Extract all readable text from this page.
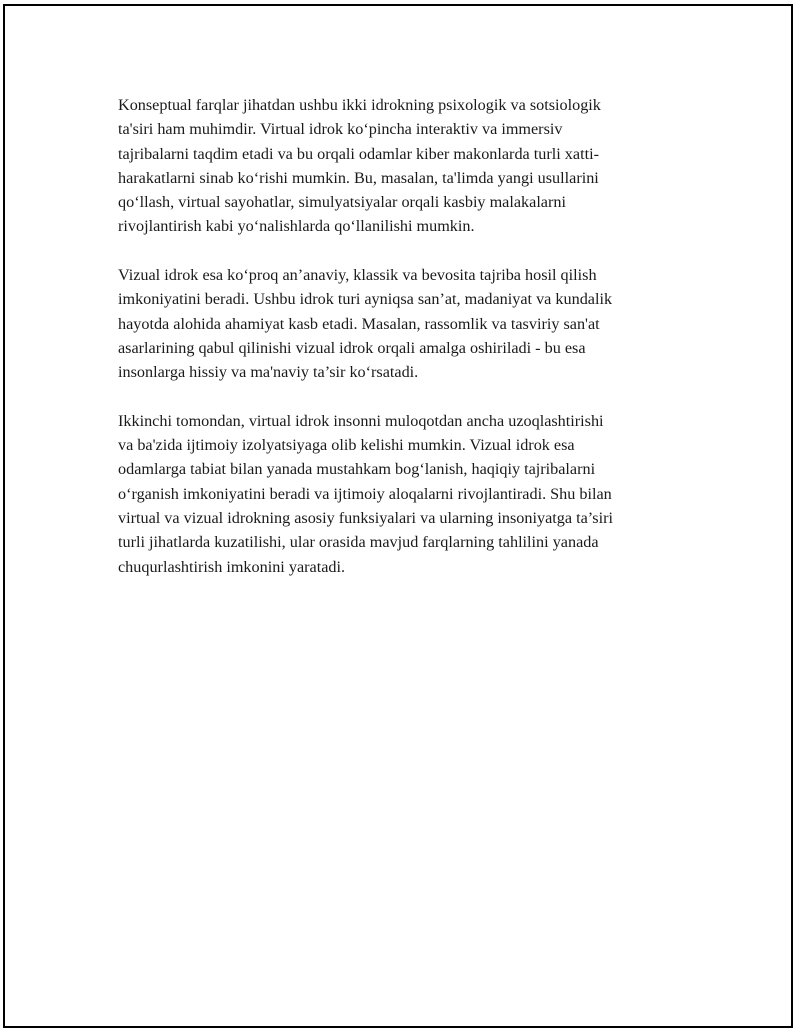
Konseptual farqlar jihatdan ushbu ikki idrokning psixologik va sotsiologik
ta'siri ham muhimdir. Virtual idrok ko‘pincha interaktiv va immersiv
tajribalarni taqdim etadi va bu orqali odamlar kiber makonlarda turli xatti-
harakatlarni sinab ko‘rishi mumkin. Bu, masalan, ta'limda yangi usullarini
qo‘llash, virtual sayohatlar, simulyatsiyalar orqali kasbiy malakalarni
rivojlantirish kabi yo‘nalishlarda qo‘llanilishi mumkin.

Vizual idrok esa ko‘proq an’anaviy, klassik va bevosita tajriba hosil qilish
imkoniyatini beradi. Ushbu idrok turi ayniqsa san’at, madaniyat va kundalik
hayotda alohida ahamiyat kasb etadi. Masalan, rassomlik va tasviriy san'at
asarlarining qabul qilinishi vizual idrok orqali amalga oshiriladi - bu esa
insonlarga hissiy va ma'naviy ta’sir ko‘rsatadi.

Ikkinchi tomondan, virtual idrok insonni muloqotdan ancha uzoqlashtirishi
va ba'zida ijtimoiy izolyatsiyaga olib kelishi mumkin. Vizual idrok esa
odamlarga tabiat bilan yanada mustahkam bog‘lanish, haqiqiy tajribalarni
o‘rganish imkoniyatini beradi va ijtimoiy aloqalarni rivojlantiradi. Shu bilan
virtual va vizual idrokning asosiy funksiyalari va ularning insoniyatga ta’siri
turli jihatlarda kuzatilishi, ular orasida mavjud farqlarning tahlilini yanada
chuqurlashtirish imkonini yaratadi.
